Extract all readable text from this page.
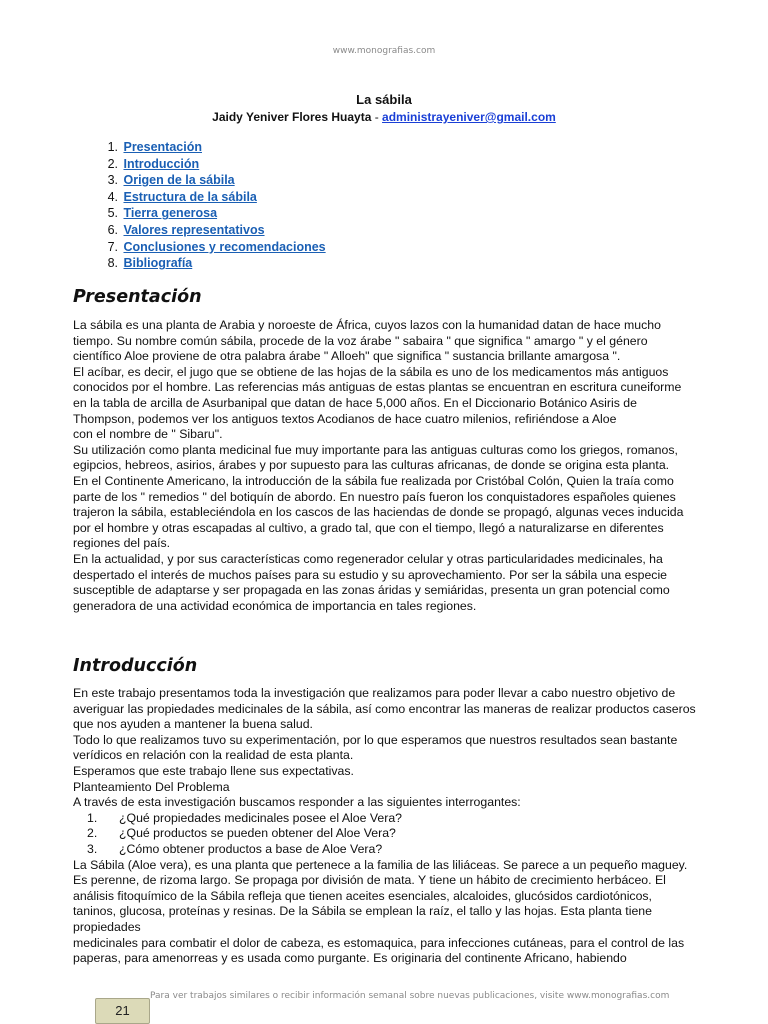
www.monografias.com
La sábila
Jaidy Yeniver Flores Huayta - administrayeniver@gmail.com
1. Presentación
2. Introducción
3. Origen de la sábila
4. Estructura de la sábila
5. Tierra generosa
6. Valores representativos
7. Conclusiones y recomendaciones
8. Bibliografía
Presentación

La sábila es una planta de Arabia y noroeste de África, cuyos lazos con la humanidad datan de hace mucho tiempo. Su nombre común sábila, procede de la voz árabe " sabaira " que significa " amargo " y el género científico Aloe proviene de otra palabra árabe " Alloeh" que significa " sustancia brillante amargosa ".

El acíbar, es decir, el jugo que se obtiene de las hojas de la sábila es uno de los medicamentos más antiguos conocidos por el hombre. Las referencias más antiguas de estas plantas se encuentran en escritura cuneiforme en la tabla de arcilla de Asurbanipal que datan de hace 5,000 años. En el Diccionario Botánico Asiris de Thompson, podemos ver los antiguos textos Acodianos de hace cuatro milenios, refiriéndose a Aloe

con el nombre de " Sibaru".

Su utilización como planta medicinal fue muy importante para las antiguas culturas como los griegos, romanos, egipcios, hebreos, asirios, árabes y por supuesto para las culturas africanas, de donde se origina esta planta.

En el Continente Americano, la introducción de la sábila fue realizada por Cristóbal Colón, Quien la traía como parte de los " remedios " del botiquín de abordo. En nuestro país fueron los conquistadores españoles quienes trajeron la sábila, estableciéndola en los cascos de las haciendas de donde se propagó, algunas veces inducida por el hombre y otras escapadas al cultivo, a grado tal, que con el tiempo, llegó a naturalizarse en diferentes regiones del país.

En la actualidad, y por sus características como regenerador celular y otras particularidades medicinales, ha despertado el interés de muchos países para su estudio y su aprovechamiento. Por ser la sábila una especie susceptible de adaptarse y ser propagada en las zonas áridas y semiáridas, presenta un gran potencial como generadora de una actividad económica de importancia en tales regiones.

Introducción

En este trabajo presentamos toda la investigación que realizamos para poder llevar a cabo nuestro objetivo de averiguar las propiedades medicinales de la sábila, así como encontrar las maneras de realizar productos caseros que nos ayuden a mantener la buena salud.

Todo lo que realizamos tuvo su experimentación, por lo que esperamos que nuestros resultados sean bastante verídicos en relación con la realidad de esta planta.

Esperamos que este trabajo llene sus expectativas.

Planteamiento Del Problema

A través de esta investigación buscamos responder a las siguientes interrogantes:

1. ¿Qué propiedades medicinales posee el Aloe Vera?
2. ¿Qué productos se pueden obtener del Aloe Vera?
3. ¿Cómo obtener productos a base de Aloe Vera?

La Sábila (Aloe vera), es una planta que pertenece a la familia de las liliáceas. Se parece a un pequeño maguey. Es perenne, de rizoma largo. Se propaga por división de mata. Y tiene un hábito de crecimiento herbáceo. El análisis fitoquímico de la Sábila refleja que tienen aceites esenciales, alcaloides, glucósidos cardiotónicos, taninos, glucosa, proteínas y resinas. De la Sábila se emplean la raíz, el tallo y las hojas. Esta planta tiene propiedades

medicinales para combatir el dolor de cabeza, es estomaquica, para infecciones cutáneas, para el control de las paperas, para amenorreas y es usada como purgante. Es originaria del continente Africano, habiendo

Para ver trabajos similares o recibir información semanal sobre nuevas publicaciones, visite www.monografias.com
21
